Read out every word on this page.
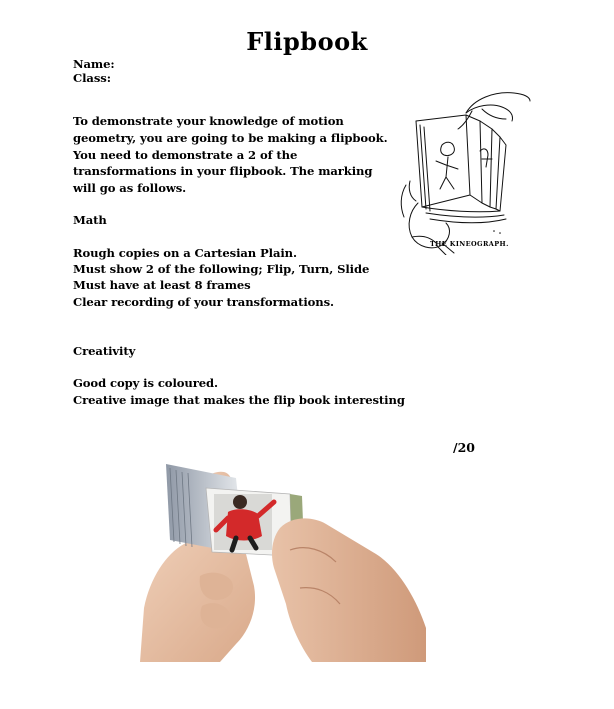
Flipbook

Name:

Class:

To demonstrate your knowledge of motion

geometry, you are going to be making a flipbook.

You need to demonstrate a 2 of the

transformations in your flipbook. The marking

will go as follows.

Math

Rough copies on a Cartesian Plain.

Must show 2 of the following; Flip, Turn, Slide

Must have at least 8 frames

Clear recording of your transformations.

Creativity

Good copy is coloured.

Creative image that makes the flip book interesting

/20

THE KINEOGRAPH.
